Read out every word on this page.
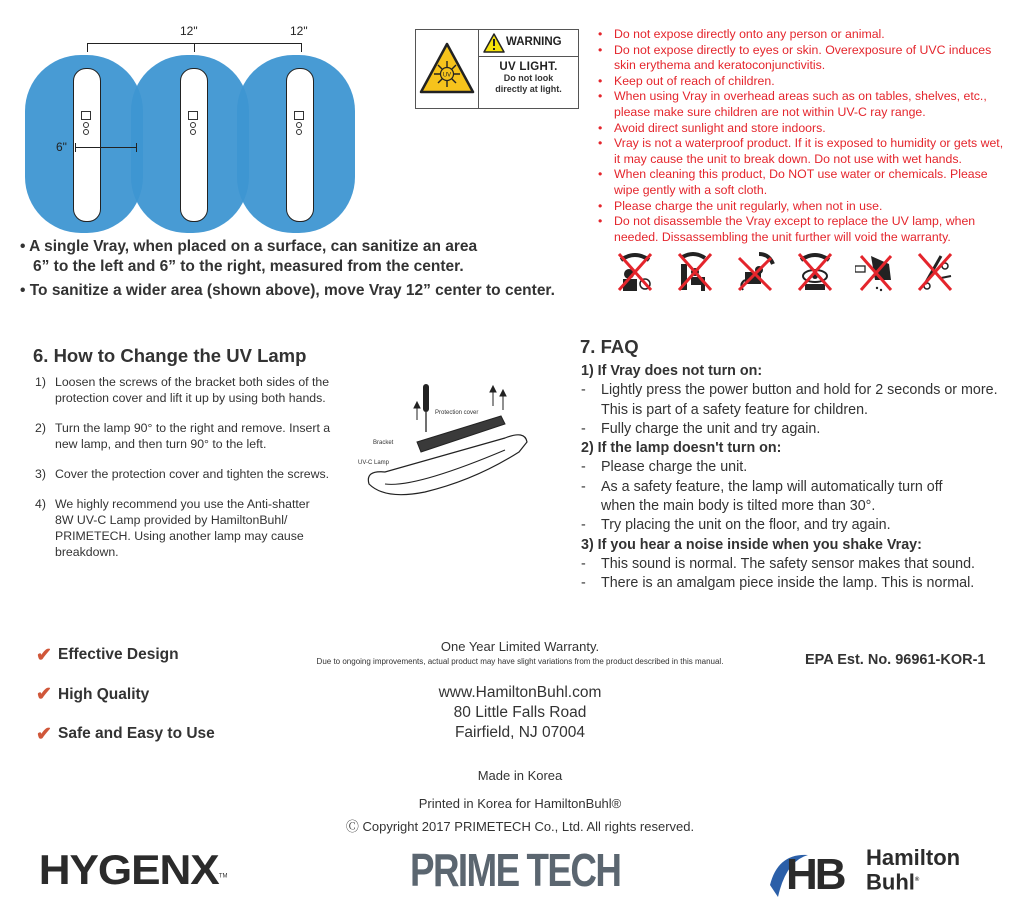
12"	12"
6"
• A single Vray, when placed on a surface, can sanitize an area
6” to the left and 6” to the right, measured from the center.
• To sanitize a wider area (shown above), move Vray 12” center to center.
UV
WARNING
UV LIGHT.
Do not look
directly at light.
• Do not expose directly onto any person or animal.
• Do not expose directly to eyes or skin. Overexposure of UVC induces skin erythema and keratoconjunctivitis.
• Keep out of reach of children.
• When using Vray in overhead areas such as on tables, shelves, etc., please make sure children are not within UV-C ray range.
• Avoid direct sunlight and store indoors.
• Vray is not a waterproof product. If it is exposed to humidity or gets wet, it may cause the unit to break down. Do not use with wet hands.
• When cleaning this product, Do NOT use water or chemicals. Please wipe gently with a soft cloth.
• Please charge the unit regularly, when not in use.
• Do not disassemble the Vray except to replace the UV lamp, when needed. Dissassembling the unit further will void the warranty.
6. How to Change the UV Lamp
1) Loosen the screws of the bracket both sides of the protection cover and lift it up by using both hands.
2) Turn the lamp 90° to the right and remove. Insert a new lamp, and then turn 90° to the left.
3) Cover the protection cover and tighten the screws.
4) We highly recommend you use the Anti-shatter 8W UV-C Lamp provided by HamiltonBuhl/ PRIMETECH. Using another lamp may cause breakdown.
Protection cover
Bracket
UV-C Lamp
7. FAQ
1) If Vray does not turn on:
-	Lightly press the power button and hold for 2 seconds or more. This is part of a safety feature for children.
-	Fully charge the unit and try again.
2) If the lamp doesn't turn on:
-	Please charge the unit.
-	As a safety feature, the lamp will automatically turn off when the main body is tilted more than 30°.
-	Try placing the unit on the floor, and try again.
3) If you hear a noise inside when you shake Vray:
-	This sound is normal. The safety sensor makes that sound.
-	There is an amalgam piece inside the lamp. This is normal.
✔ Effective Design
✔ High Quality
✔ Safe and Easy to Use
One Year Limited Warranty.
Due to ongoing improvements, actual product may have slight variations from the product described in this manual.	EPA Est. No. 96961-KOR-1
www.HamiltonBuhl.com
80 Little Falls Road
Fairfield, NJ 07004
Made in Korea
Printed in Korea for HamiltonBuhl®
Ⓒ Copyright 2017 PRIMETECH Co., Ltd. All rights reserved.
HYGENX ™	PRIME TECH	HB Hamilton
Buhl®
